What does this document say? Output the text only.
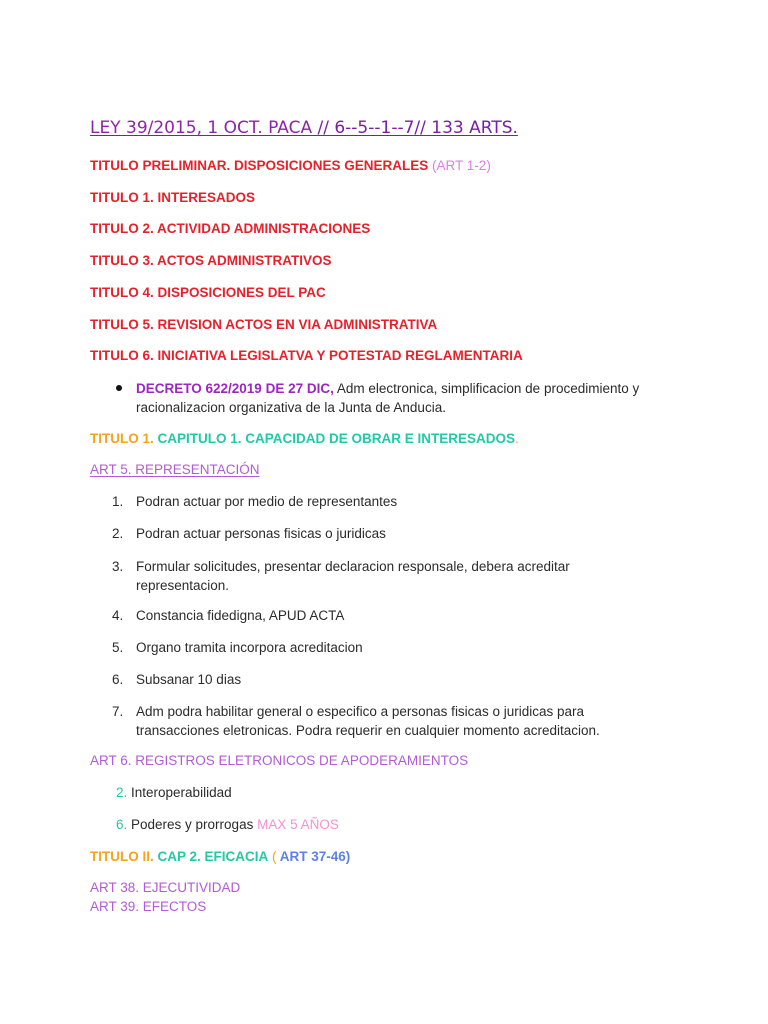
LEY 39/2015, 1 OCT. PACA // 6--5--1--7// 133 ARTS.
TITULO PRELIMINAR. DISPOSICIONES GENERALES (ART 1-2)
TITULO 1. INTERESADOS
TITULO 2. ACTIVIDAD ADMINISTRACIONES
TITULO 3. ACTOS ADMINISTRATIVOS
TITULO 4. DISPOSICIONES DEL PAC
TITULO 5. REVISION ACTOS EN VIA ADMINISTRATIVA
TITULO 6. INICIATIVA LEGISLATVA Y POTESTAD REGLAMENTARIA
DECRETO 622/2019 DE 27 DIC, Adm electronica, simplificacion de procedimiento y racionalizacion organizativa de la Junta de Anducia.
TITULO 1. CAPITULO 1. CAPACIDAD DE OBRAR E INTERESADOS.
ART 5. REPRESENTACIÓN
1. Podran actuar por medio de representantes
2. Podran actuar personas fisicas o juridicas
3. Formular solicitudes, presentar declaracion responsale, debera acreditar representacion.
4. Constancia fidedigna, APUD ACTA
5. Organo tramita incorpora acreditacion
6. Subsanar 10 dias
7. Adm podra habilitar general o especifico a personas fisicas o juridicas para transacciones eletronicas. Podra requerir en cualquier momento acreditacion.
ART 6. REGISTROS ELETRONICOS DE APODERAMIENTOS
2. Interoperabilidad
6. Poderes y prorrogas MAX 5 AÑOS
TITULO II. CAP 2. EFICACIA ( ART 37-46)
ART 38. EJECUTIVIDAD
ART 39. EFECTOS
